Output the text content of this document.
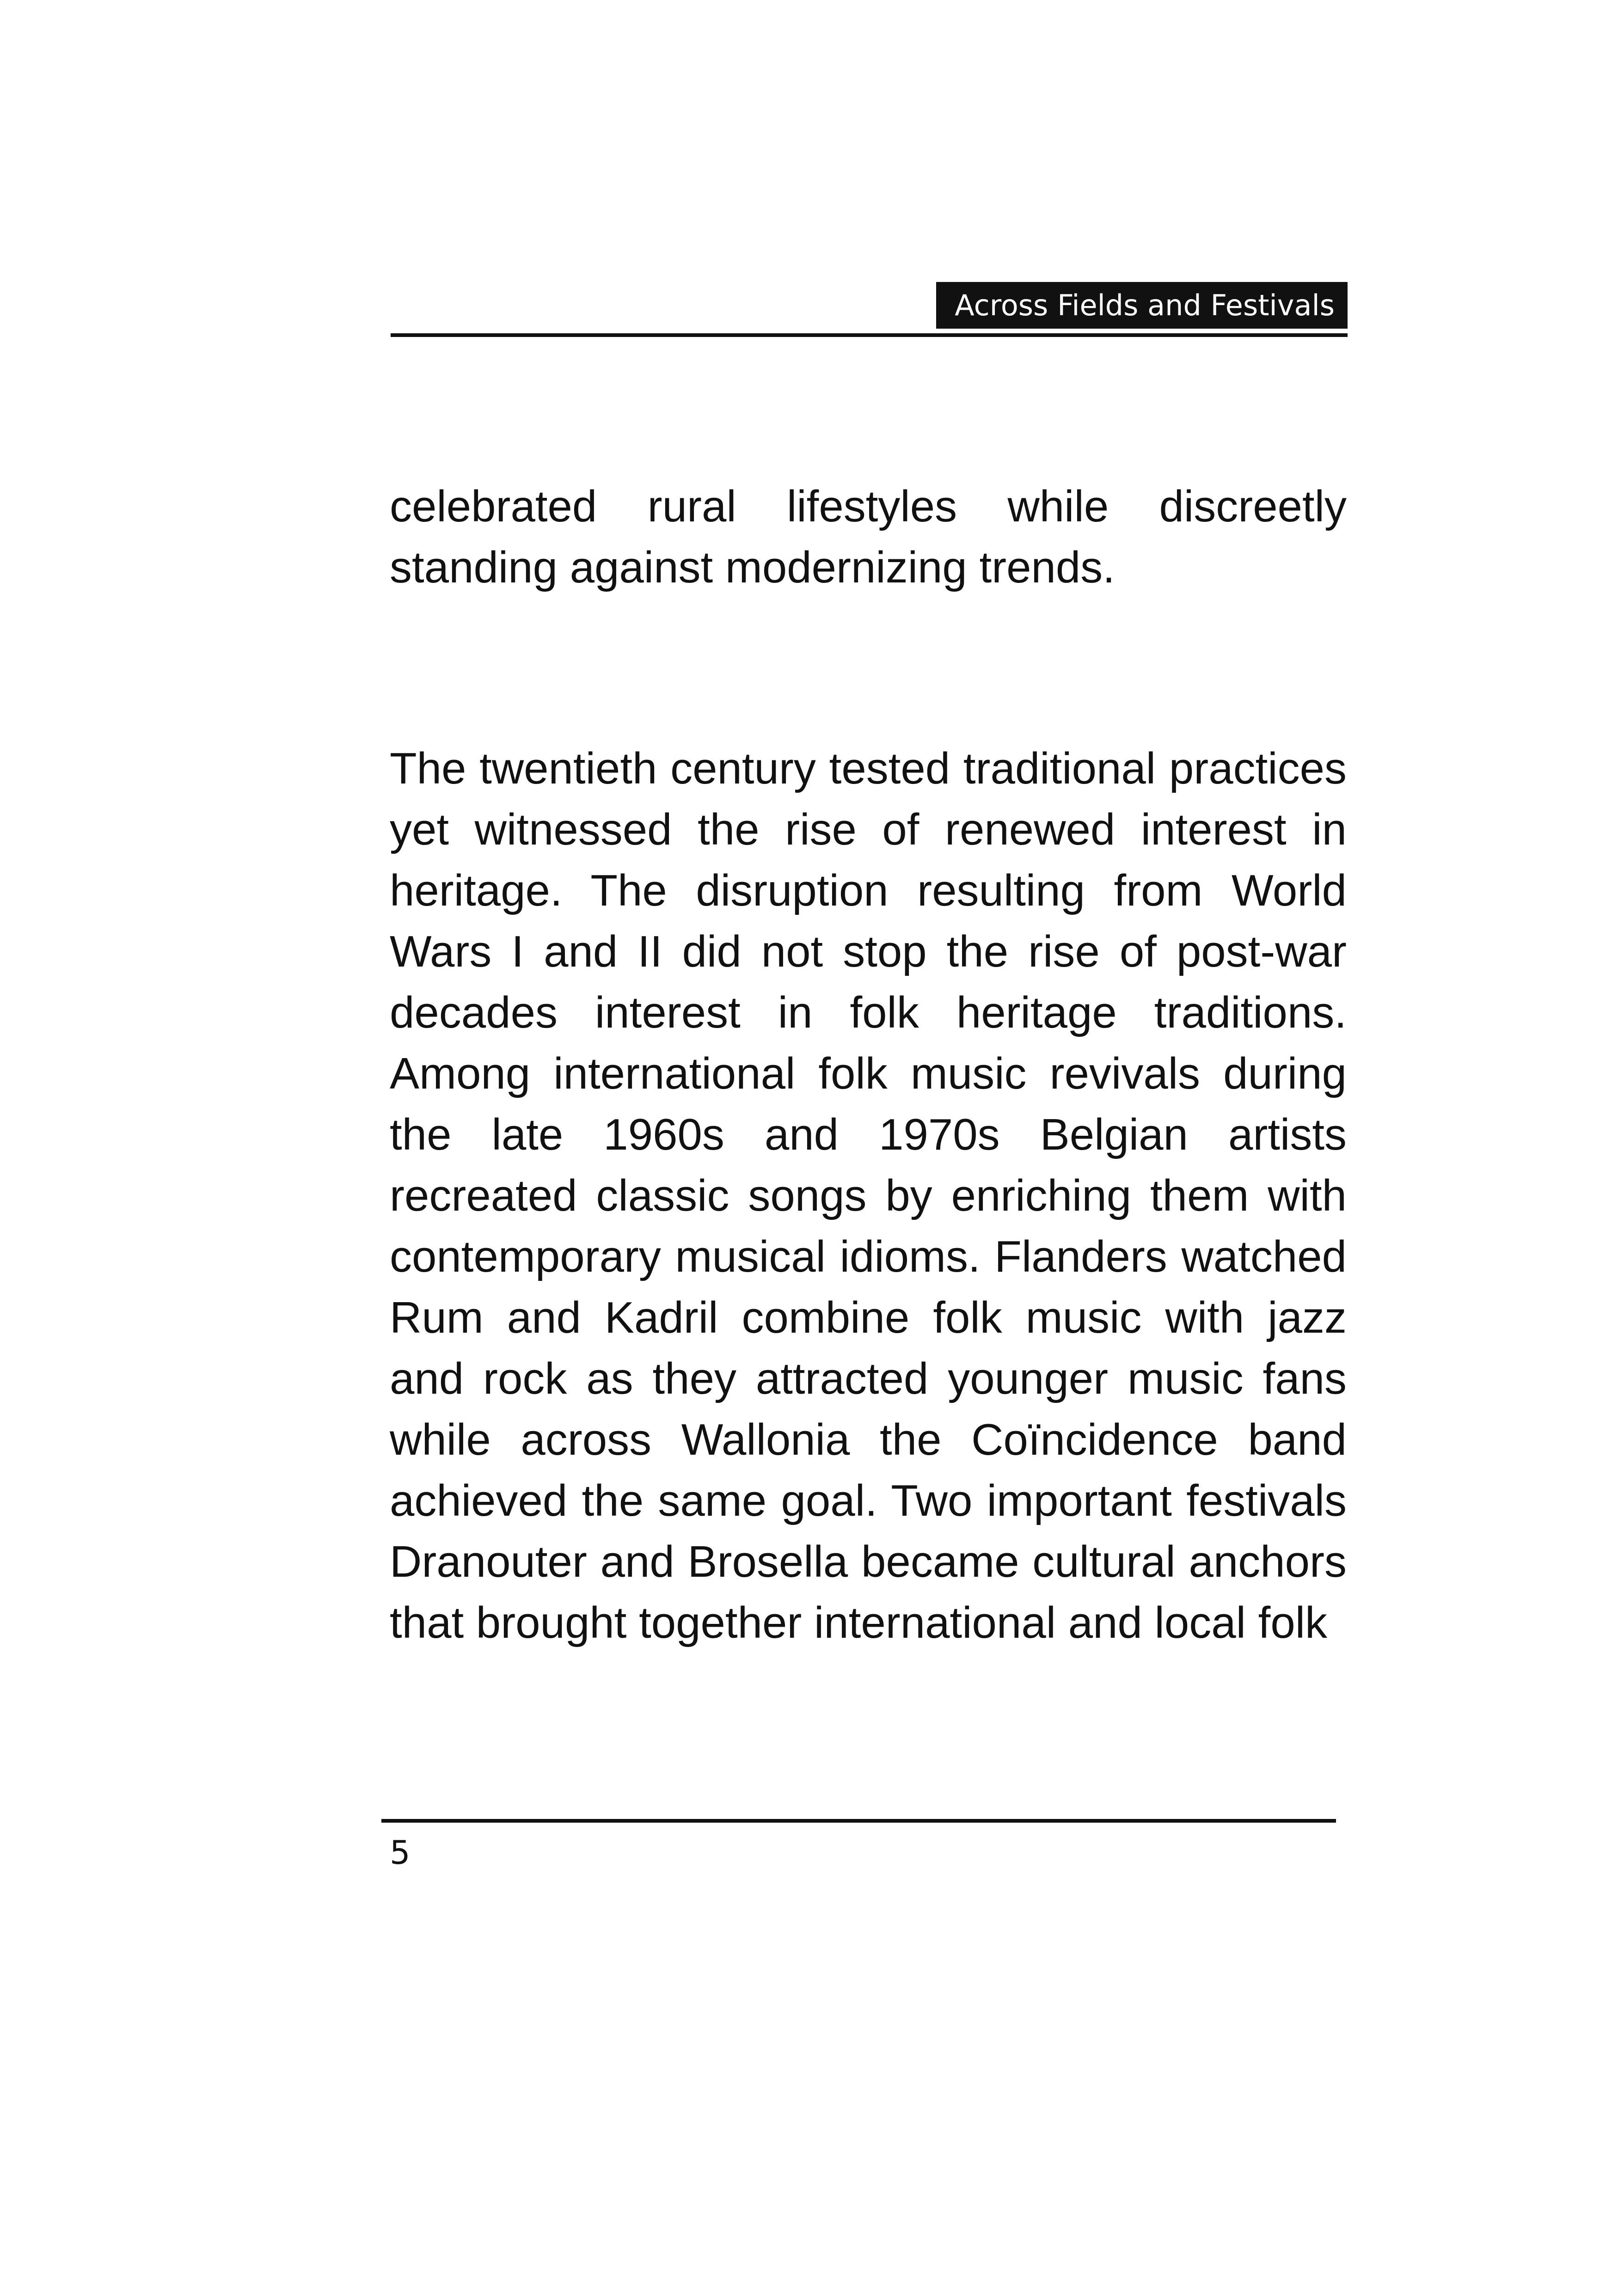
Across Fields and Festivals

celebrated rural lifestyles while discreetly standing against modernizing trends.

The twentieth century tested traditional practices yet witnessed the rise of renewed interest in heritage. The disruption resulting from World Wars I and II did not stop the rise of post-war decades interest in folk heritage traditions. Among international folk music revivals during the late 1960s and 1970s Belgian artists recreated classic songs by enriching them with contemporary musical idioms. Flanders watched Rum and Kadril combine folk music with jazz and rock as they attracted younger music fans while across Wallonia the Coïncidence band achieved the same goal. Two important festivals Dranouter and Brosella became cultural anchors that brought together international and local folk

5
